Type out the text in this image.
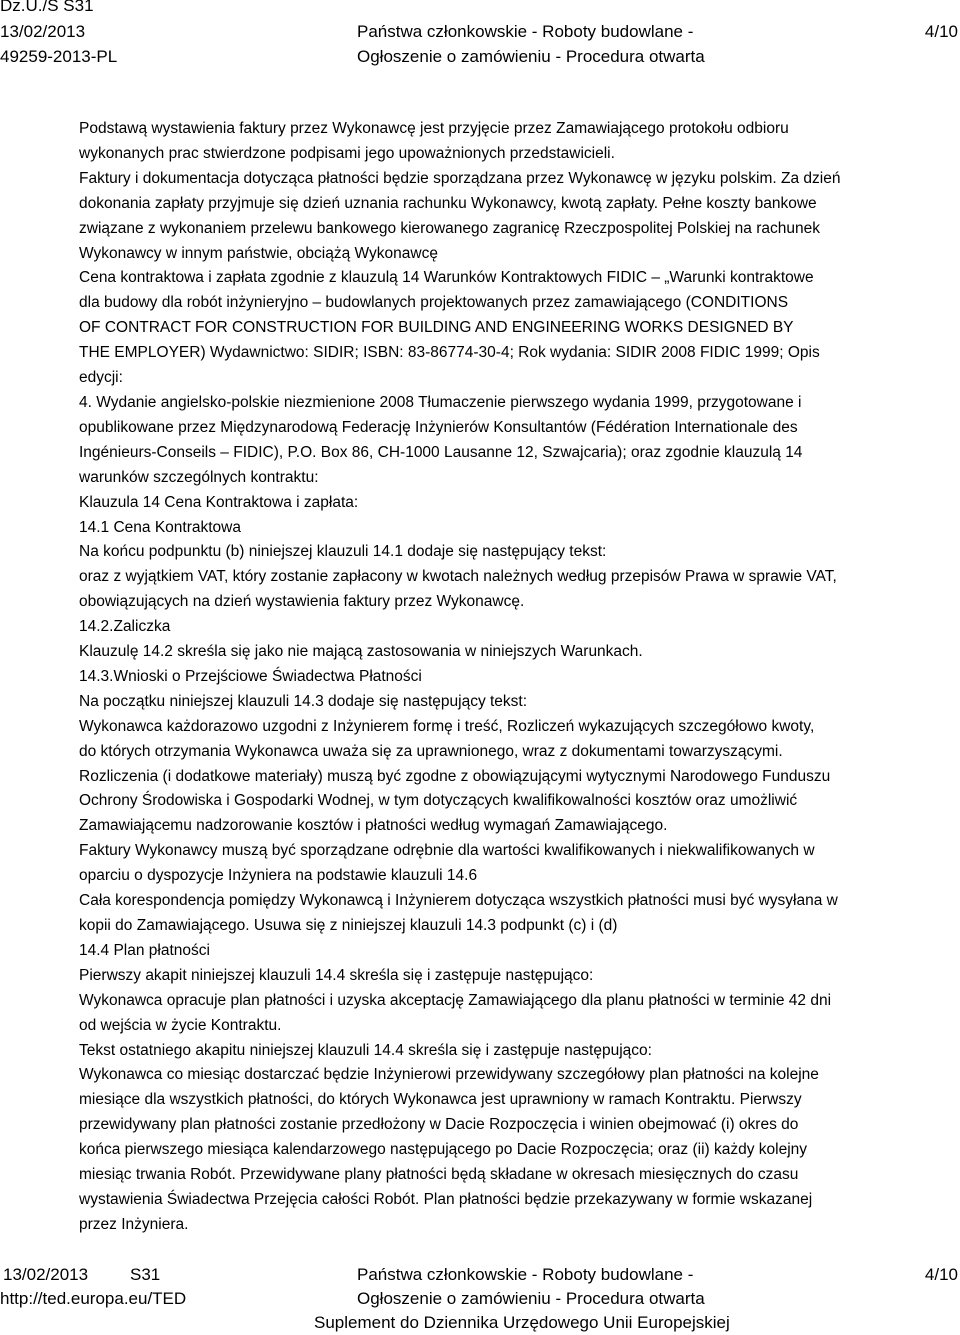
Dz.U./S S31
13/02/2013
49259-2013-PL
Państwa członkowskie - Roboty budowlane -
Ogłoszenie o zamówieniu - Procedura otwarta
4/10

Podstawą wystawienia faktury przez Wykonawcę jest przyjęcie przez Zamawiającego protokołu odbioru

wykonanych prac stwierdzone podpisami jego upoważnionych przedstawicieli.

Faktury i dokumentacja dotycząca płatności będzie sporządzana przez Wykonawcę w języku polskim. Za dzień

dokonania zapłaty przyjmuje się dzień uznania rachunku Wykonawcy, kwotą zapłaty. Pełne koszty bankowe

związane z wykonaniem przelewu bankowego kierowanego zagranicę Rzeczpospolitej Polskiej na rachunek

Wykonawcy w innym państwie, obciążą Wykonawcę

Cena kontraktowa i zapłata zgodnie z klauzulą 14 Warunków Kontraktowych FIDIC – „Warunki kontraktowe

dla budowy dla robót inżynieryjno – budowlanych projektowanych przez zamawiającego (CONDITIONS

OF CONTRACT FOR CONSTRUCTION FOR BUILDING AND ENGINEERING WORKS DESIGNED BY

THE EMPLOYER) Wydawnictwo: SIDIR; ISBN: 83-86774-30-4; Rok wydania: SIDIR 2008 FIDIC 1999; Opis

edycji:

4. Wydanie angielsko-polskie niezmienione 2008 Tłumaczenie pierwszego wydania 1999, przygotowane i

opublikowane przez Międzynarodową Federację Inżynierów Konsultantów (Fédération Internationale des

Ingénieurs-Conseils – FIDIC), P.O. Box 86, CH-1000 Lausanne 12, Szwajcaria); oraz zgodnie klauzulą 14

warunków szczególnych kontraktu:

Klauzula 14 Cena Kontraktowa i zapłata:

14.1 Cena Kontraktowa

Na końcu podpunktu (b) niniejszej klauzuli 14.1 dodaje się następujący tekst:

oraz z wyjątkiem VAT, który zostanie zapłacony w kwotach należnych według przepisów Prawa w sprawie VAT,

obowiązujących na dzień wystawienia faktury przez Wykonawcę.

14.2.Zaliczka

Klauzulę 14.2 skreśla się jako nie mającą zastosowania w niniejszych Warunkach.

14.3.Wnioski o Przejściowe Świadectwa Płatności

Na początku niniejszej klauzuli 14.3 dodaje się następujący tekst:

Wykonawca każdorazowo uzgodni z Inżynierem formę i treść, Rozliczeń wykazujących szczegółowo kwoty,

do których otrzymania Wykonawca uważa się za uprawnionego, wraz z dokumentami towarzyszącymi.

Rozliczenia (i dodatkowe materiały) muszą być zgodne z obowiązującymi wytycznymi Narodowego Funduszu

Ochrony Środowiska i Gospodarki Wodnej, w tym dotyczących kwalifikowalności kosztów oraz umożliwić

Zamawiającemu nadzorowanie kosztów i płatności według wymagań Zamawiającego.

Faktury Wykonawcy muszą być sporządzane odrębnie dla wartości kwalifikowanych i niekwalifikowanych w

oparciu o dyspozycje Inżyniera na podstawie klauzuli 14.6

Cała korespondencja pomiędzy Wykonawcą i Inżynierem dotycząca wszystkich płatności musi być wysyłana w

kopii do Zamawiającego. Usuwa się z niniejszej klauzuli 14.3 podpunkt (c) i (d)

14.4 Plan płatności

Pierwszy akapit niniejszej klauzuli 14.4 skreśla się i zastępuje następująco:

Wykonawca opracuje plan płatności i uzyska akceptację Zamawiającego dla planu płatności w terminie 42 dni

od wejścia w życie Kontraktu.

Tekst ostatniego akapitu niniejszej klauzuli 14.4 skreśla się i zastępuje następująco:

Wykonawca co miesiąc dostarczać będzie Inżynierowi przewidywany szczegółowy plan płatności na kolejne

miesiące dla wszystkich płatności, do których Wykonawca jest uprawniony w ramach Kontraktu. Pierwszy

przewidywany plan płatności zostanie przedłożony w Dacie Rozpoczęcia i winien obejmować (i) okres do

końca pierwszego miesiąca kalendarzowego następującego po Dacie Rozpoczęcia; oraz (ii) każdy kolejny

miesiąc trwania Robót. Przewidywane plany płatności będą składane w okresach miesięcznych do czasu

wystawienia Świadectwa Przejęcia całości Robót. Plan płatności będzie przekazywany w formie wskazanej

przez Inżyniera.

13/02/2013 S31
http://ted.europa.eu/TED
Państwa członkowskie - Roboty budowlane -
Ogłoszenie o zamówieniu - Procedura otwarta
Suplement do Dziennika Urzędowego Unii Europejskiej
4/10
